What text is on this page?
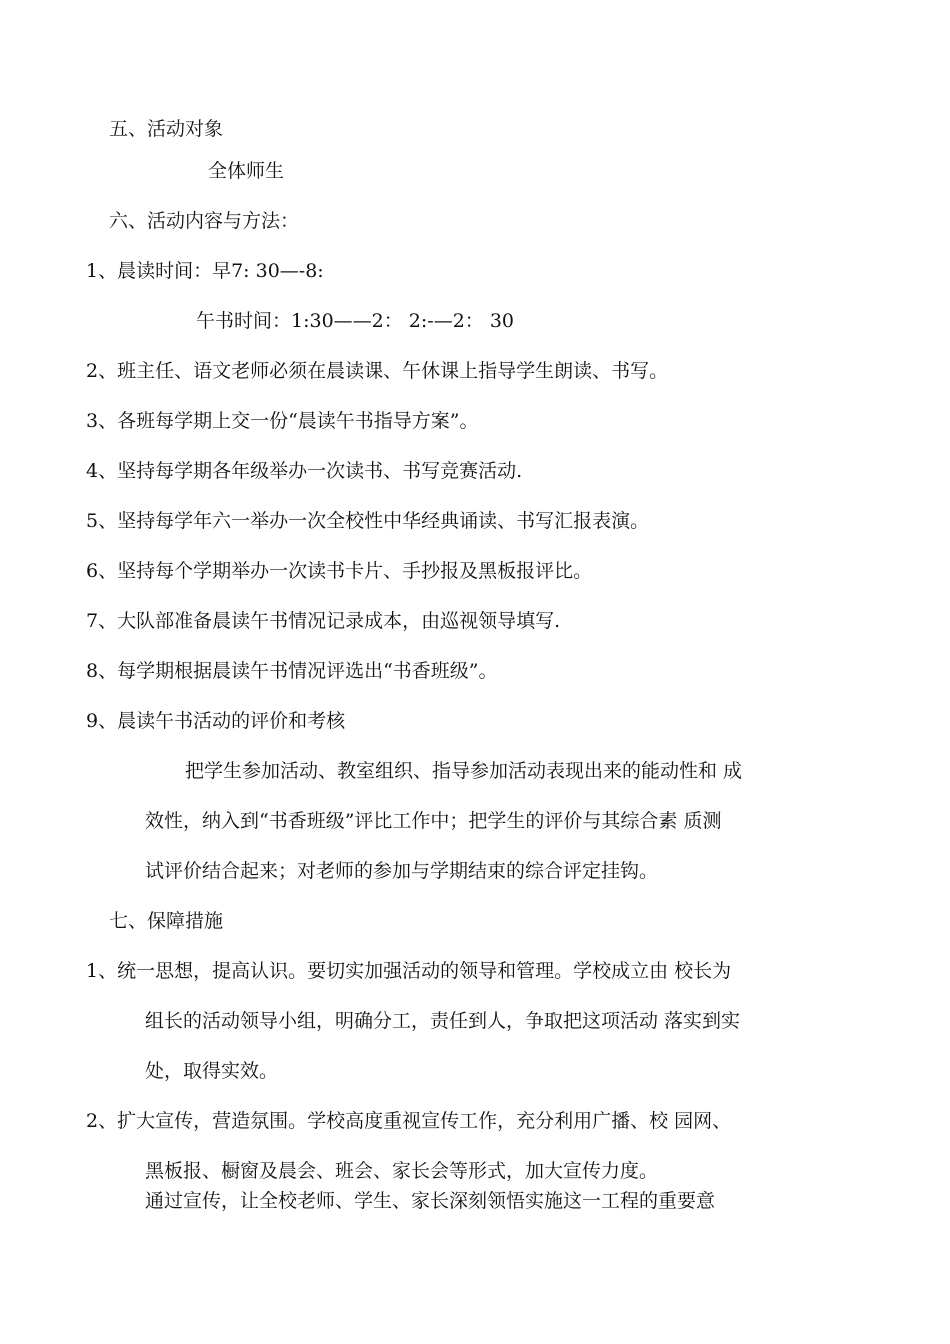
五、活动对象

全体师生

六、活动内容与方法：

1、晨读时间：早7: 30—-8:

午书时间：1:30——2： 2:-—2： 30

2、班主任、语文老师必须在晨读课、午休课上指导学生朗读、书写。

3、各班每学期上交一份“晨读午书指导方案”。

4、坚持每学期各年级举办一次读书、书写竞赛活动.

5、坚持每学年六一举办一次全校性中华经典诵读、书写汇报表演。

6、坚持每个学期举办一次读书卡片、手抄报及黑板报评比。

7、大队部准备晨读午书情况记录成本，由巡视领导填写.

8、每学期根据晨读午书情况评选出“书香班级”。

9、晨读午书活动的评价和考核

把学生参加活动、教室组织、指导参加活动表现出来的能动性和 成

效性，纳入到“书香班级”评比工作中；把学生的评价与其综合素 质测

试评价结合起来；对老师的参加与学期结束的综合评定挂钩。

七、保障措施

1、统一思想，提高认识。要切实加强活动的领导和管理。学校成立由 校长为

组长的活动领导小组，明确分工，责任到人，争取把这项活动 落实到实

处，取得实效。

2、扩大宣传，营造氛围。学校高度重视宣传工作，充分利用广播、校 园网、

黑板报、橱窗及晨会、班会、家长会等形式，加大宣传力度。

通过宣传，让全校老师、学生、家长深刻领悟实施这一工程的重要意
